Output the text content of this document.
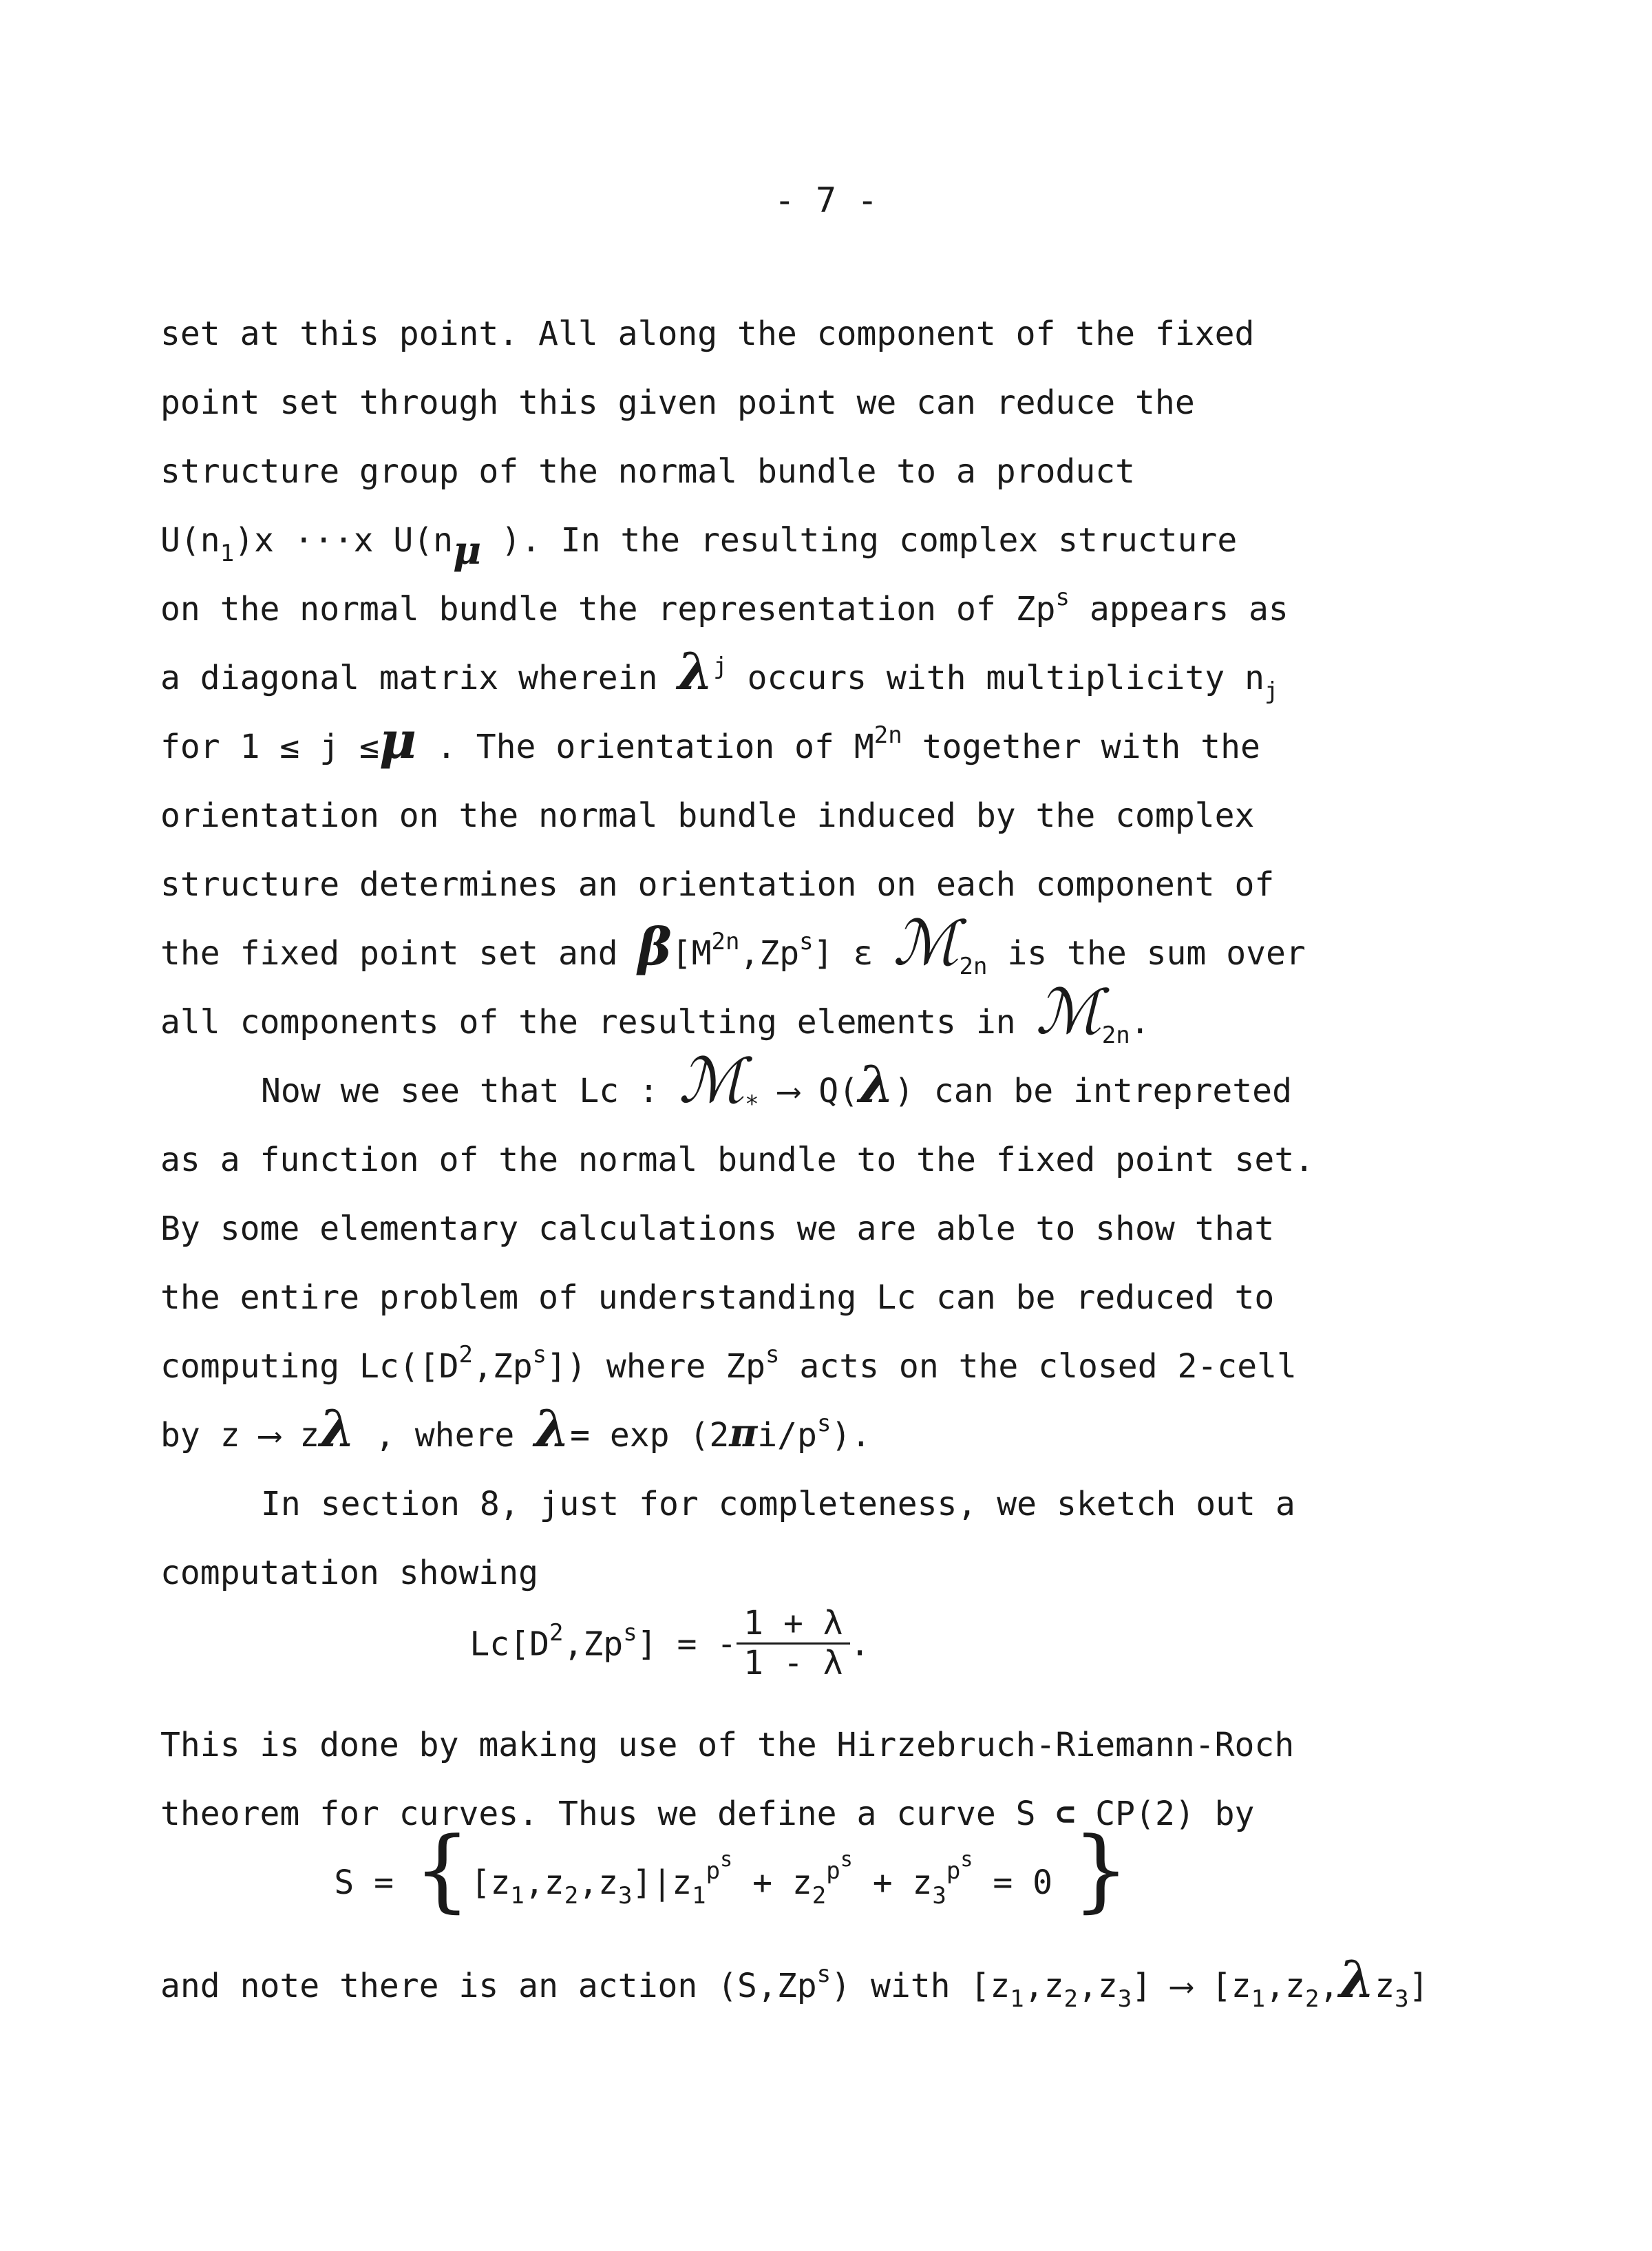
- 7 -
set at this point. All along the component of the fixed
point set through this given point we can reduce the
structure group of the normal bundle to a product
$U(n_1)x \cdot\cdot\cdot x$ $U(n_\mu$ ). In the resulting complex structure
on the normal bundle the representation of Zp$^s$ appears as
a diagonal matrix wherein $\lambda^j$ occurs with multiplicity $n_j$
for 1 ≤ j ≤μ . The orientation of $M^{2n}$ together with the
orientation on the normal bundle induced by the complex
structure determines an orientation on each component of
the fixed point set and $\beta[M^{2n},Zp^s]$ ε ℳ$_{2n}$ is the sum over
all components of the resulting elements in ℳ$_{2n}$.
Now we see that Lc : ℳ$_*$ ⟶ Q(λ) can be intrepreted
as a function of the normal bundle to the fixed point set.
By some elementary calculations we are able to show that
the entire problem of understanding Lc can be reduced to
computing $Lc([D^2,Zp^s])$ where Zp$^s$ acts on the closed 2-cell
by z ⟶ zλ , where $\lambda= \exp (2\pi i/p^s)$.
In section 8, just for completeness, we sketch out a
computation showing
$Lc[D^2,Zp^s]$ = - $\frac{1 + \lambda}{1 - \lambda}$ .
This is done by making use of the Hirzebruch-Riemann-Roch
theorem for curves. Thus we define a curve S ⊂ CP(2) by
$S = \{[z_1,z_2,z_3]|z_1^{ps} + z_2^{ps} + z_3^{ps} = 0$ }
and note there is an action (S,Zp$^s$) with $[z_1,z_2,z_3]$ ⟶ $[z_1,z_2,\lambda z_3]$
